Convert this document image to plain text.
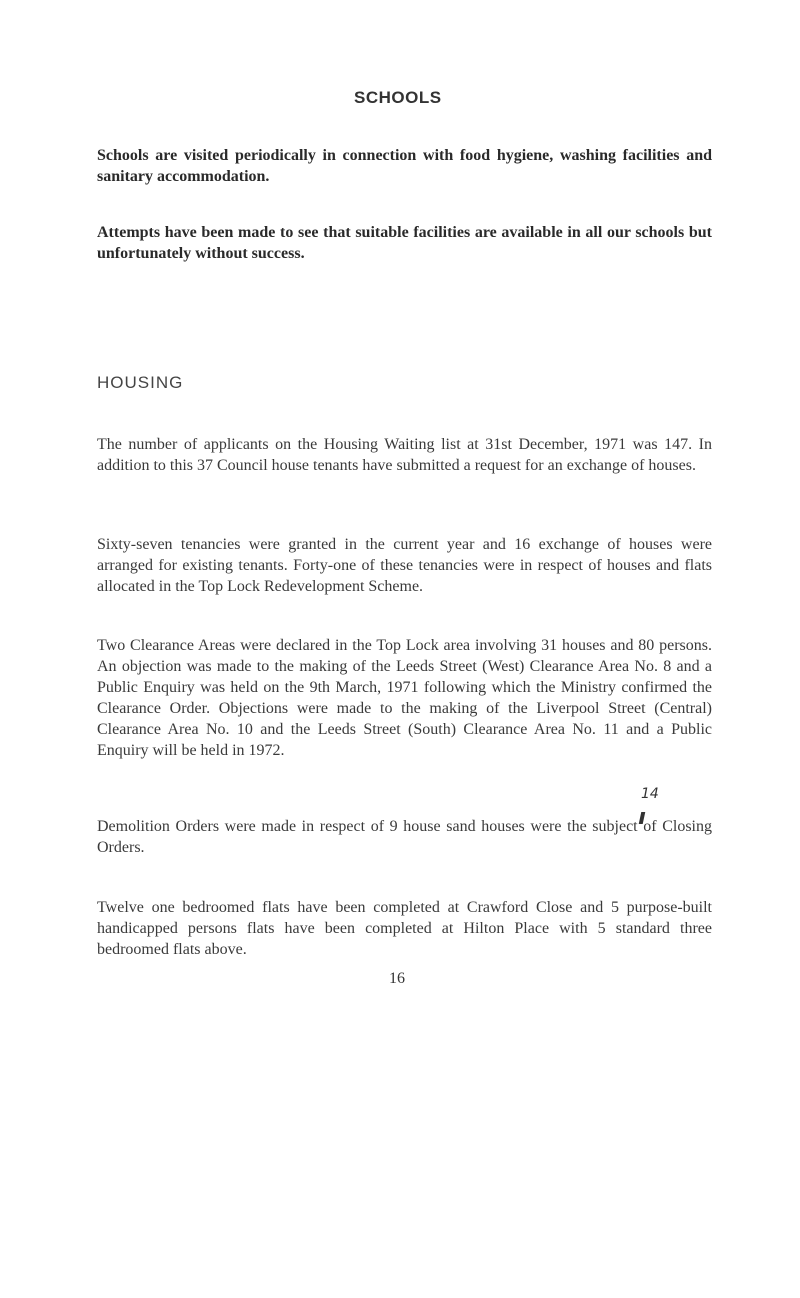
SCHOOLS

Schools are visited periodically in connection with food hygiene, washing facilities and sanitary accommodation.

Attempts have been made to see that suitable facilities are available in all our schools but unfortunately without success.

HOUSING

The number of applicants on the Housing Waiting list at 31st December, 1971 was 147. In addition to this 37 Council house tenants have submitted a request for an exchange of houses.

Sixty-seven tenancies were granted in the current year and 16 exchange of houses were arranged for existing tenants. Forty-one of these tenancies were in respect of houses and flats allocated in the Top Lock Redevelopment Scheme.

Two Clearance Areas were declared in the Top Lock area involving 31 houses and 80 persons. An objection was made to the making of the Leeds Street (West) Clearance Area No. 8 and a Public Enquiry was held on the 9th March, 1971 following which the Ministry confirmed the Clearance Order. Objections were made to the making of the Liverpool Street (Central) Clearance Area No. 10 and the Leeds Street (South) Clearance Area No. 11 and a Public Enquiry will be held in 1972.

14

Demolition Orders were made in respect of 9 house sand houses were the subject of Closing Orders.

Twelve one bedroomed flats have been completed at Crawford Close and 5 purpose-built handicapped persons flats have been completed at Hilton Place with 5 standard three bedroomed flats above.

16
